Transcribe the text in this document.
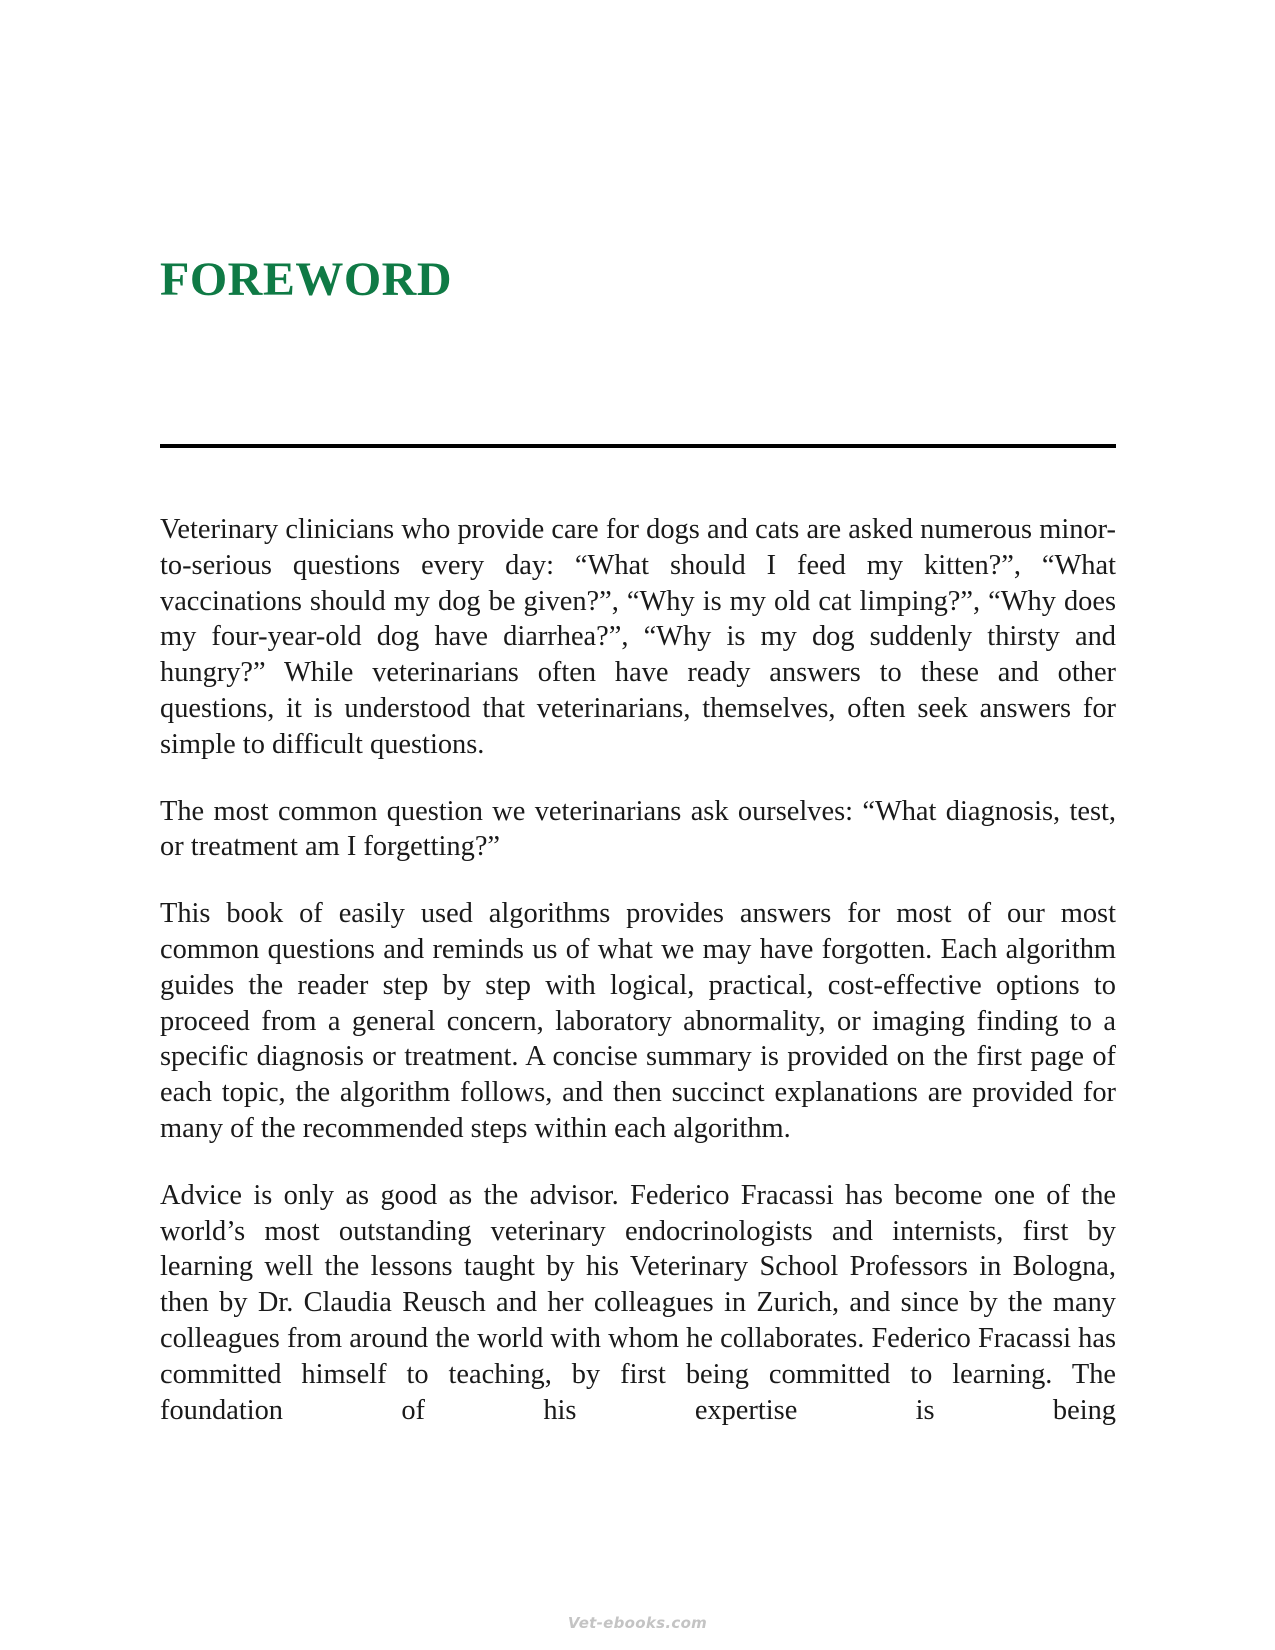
FOREWORD

Veterinary clinicians who provide care for dogs and cats are asked numerous minor-to-serious questions every day: “What should I feed my kitten?”, “What vaccinations should my dog be given?”, “Why is my old cat limping?”, “Why does my four-year-old dog have diarrhea?”, “Why is my dog suddenly thirsty and hungry?” While veterinarians often have ready answers to these and other questions, it is understood that veterinarians, themselves, often seek answers for simple to difficult questions.

The most common question we veterinarians ask ourselves: “What diagnosis, test, or treatment am I forgetting?”

This book of easily used algorithms provides answers for most of our most common questions and reminds us of what we may have forgotten. Each algorithm guides the reader step by step with logical, practical, cost-effective options to proceed from a general concern, laboratory abnormality, or imaging finding to a specific diagnosis or treatment. A concise summary is provided on the first page of each topic, the algorithm follows, and then succinct explanations are provided for many of the recommended steps within each algorithm.

Advice is only as good as the advisor. Federico Fracassi has become one of the world’s most outstanding veterinary endocrinologists and internists, first by learning well the lessons taught by his Veterinary School Professors in Bologna, then by Dr. Claudia Reusch and her colleagues in Zurich, and since by the many colleagues from around the world with whom he collaborates. Federico Fracassi has committed himself to teaching, by first being committed to learning. The foundation of his expertise is being

Vet-ebooks.com
